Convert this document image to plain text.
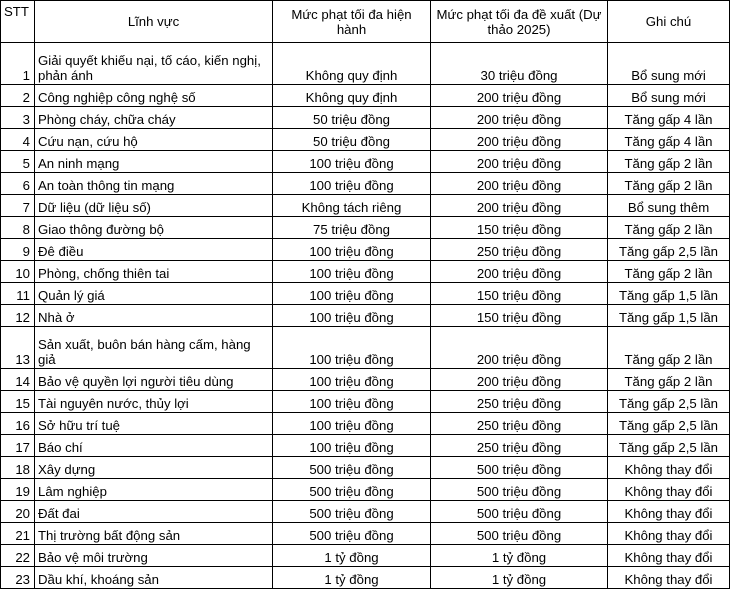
STT	Lĩnh vực	Mức phạt tối đa hiện hành	Mức phạt tối đa đề xuất (Dự thảo 2025)	Ghi chú
1	Giải quyết khiếu nại, tố cáo, kiến nghị, phản ánh	Không quy định	30 triệu đồng	Bổ sung mới
2	Công nghiệp công nghệ số	Không quy định	200 triệu đồng	Bổ sung mới
3	Phòng cháy, chữa cháy	50 triệu đồng	200 triệu đồng	Tăng gấp 4 lần
4	Cứu nạn, cứu hộ	50 triệu đồng	200 triệu đồng	Tăng gấp 4 lần
5	An ninh mạng	100 triệu đồng	200 triệu đồng	Tăng gấp 2 lần
6	An toàn thông tin mạng	100 triệu đồng	200 triệu đồng	Tăng gấp 2 lần
7	Dữ liệu (dữ liệu số)	Không tách riêng	200 triệu đồng	Bổ sung thêm
8	Giao thông đường bộ	75 triệu đồng	150 triệu đồng	Tăng gấp 2 lần
9	Đê điều	100 triệu đồng	250 triệu đồng	Tăng gấp 2,5 lần
10	Phòng, chống thiên tai	100 triệu đồng	200 triệu đồng	Tăng gấp 2 lần
11	Quản lý giá	100 triệu đồng	150 triệu đồng	Tăng gấp 1,5 lần
12	Nhà ở	100 triệu đồng	150 triệu đồng	Tăng gấp 1,5 lần
13	Sản xuất, buôn bán hàng cấm, hàng giả	100 triệu đồng	200 triệu đồng	Tăng gấp 2 lần
14	Bảo vệ quyền lợi người tiêu dùng	100 triệu đồng	200 triệu đồng	Tăng gấp 2 lần
15	Tài nguyên nước, thủy lợi	100 triệu đồng	250 triệu đồng	Tăng gấp 2,5 lần
16	Sở hữu trí tuệ	100 triệu đồng	250 triệu đồng	Tăng gấp 2,5 lần
17	Báo chí	100 triệu đồng	250 triệu đồng	Tăng gấp 2,5 lần
18	Xây dựng	500 triệu đồng	500 triệu đồng	Không thay đổi
19	Lâm nghiệp	500 triệu đồng	500 triệu đồng	Không thay đổi
20	Đất đai	500 triệu đồng	500 triệu đồng	Không thay đổi
21	Thị trường bất động sản	500 triệu đồng	500 triệu đồng	Không thay đổi
22	Bảo vệ môi trường	1 tỷ đồng	1 tỷ đồng	Không thay đổi
23	Dầu khí, khoáng sản	1 tỷ đồng	1 tỷ đồng	Không thay đổi
